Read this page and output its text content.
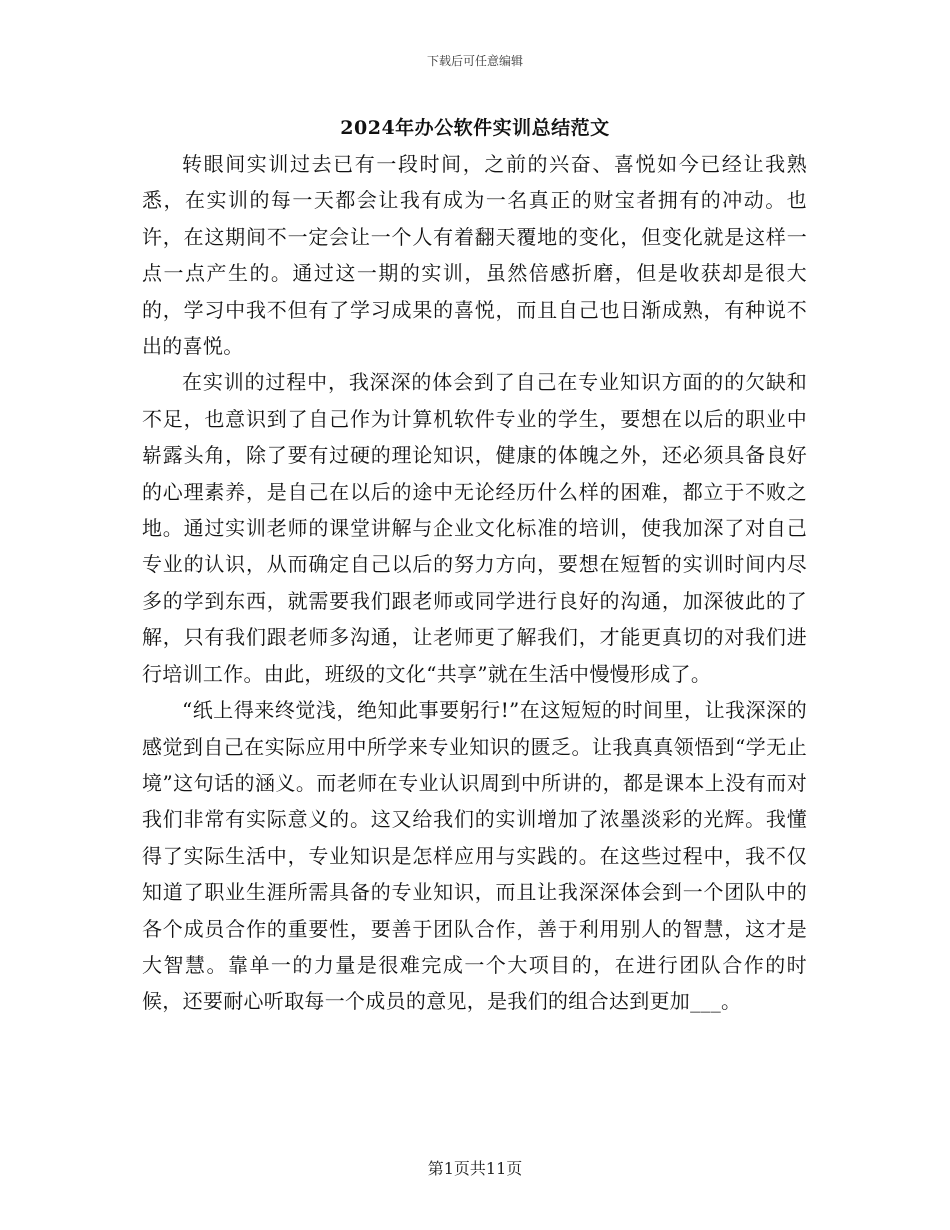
下载后可任意编辑
2024年办公软件实训总结范文

转眼间实训过去已有一段时间，之前的兴奋、喜悦如今已经让我熟悉，在实训的每一天都会让我有成为一名真正的财宝者拥有的冲动。也许，在这期间不一定会让一个人有着翻天覆地的变化，但变化就是这样一点一点产生的。通过这一期的实训，虽然倍感折磨，但是收获却是很大的，学习中我不但有了学习成果的喜悦，而且自己也日渐成熟，有种说不出的喜悦。

在实训的过程中，我深深的体会到了自己在专业知识方面的的欠缺和不足，也意识到了自己作为计算机软件专业的学生，要想在以后的职业中崭露头角，除了要有过硬的理论知识，健康的体魄之外，还必须具备良好的心理素养，是自己在以后的途中无论经历什么样的困难，都立于不败之地。通过实训老师的课堂讲解与企业文化标准的培训，使我加深了对自己专业的认识，从而确定自己以后的努力方向，要想在短暂的实训时间内尽多的学到东西，就需要我们跟老师或同学进行良好的沟通，加深彼此的了解，只有我们跟老师多沟通，让老师更了解我们，才能更真切的对我们进行培训工作。由此，班级的文化“共享”就在生活中慢慢形成了。

“纸上得来终觉浅，绝知此事要躬行!”在这短短的时间里，让我深深的感觉到自己在实际应用中所学来专业知识的匮乏。让我真真领悟到“学无止境”这句话的涵义。而老师在专业认识周到中所讲的，都是课本上没有而对我们非常有实际意义的。这又给我们的实训增加了浓墨淡彩的光辉。我懂得了实际生活中，专业知识是怎样应用与实践的。在这些过程中，我不仅知道了职业生涯所需具备的专业知识，而且让我深深体会到一个团队中的各个成员合作的重要性，要善于团队合作，善于利用别人的智慧，这才是大智慧。靠单一的力量是很难完成一个大项目的，在进行团队合作的时候，还要耐心听取每一个成员的意见，是我们的组合达到更加___。

第1页共11页
